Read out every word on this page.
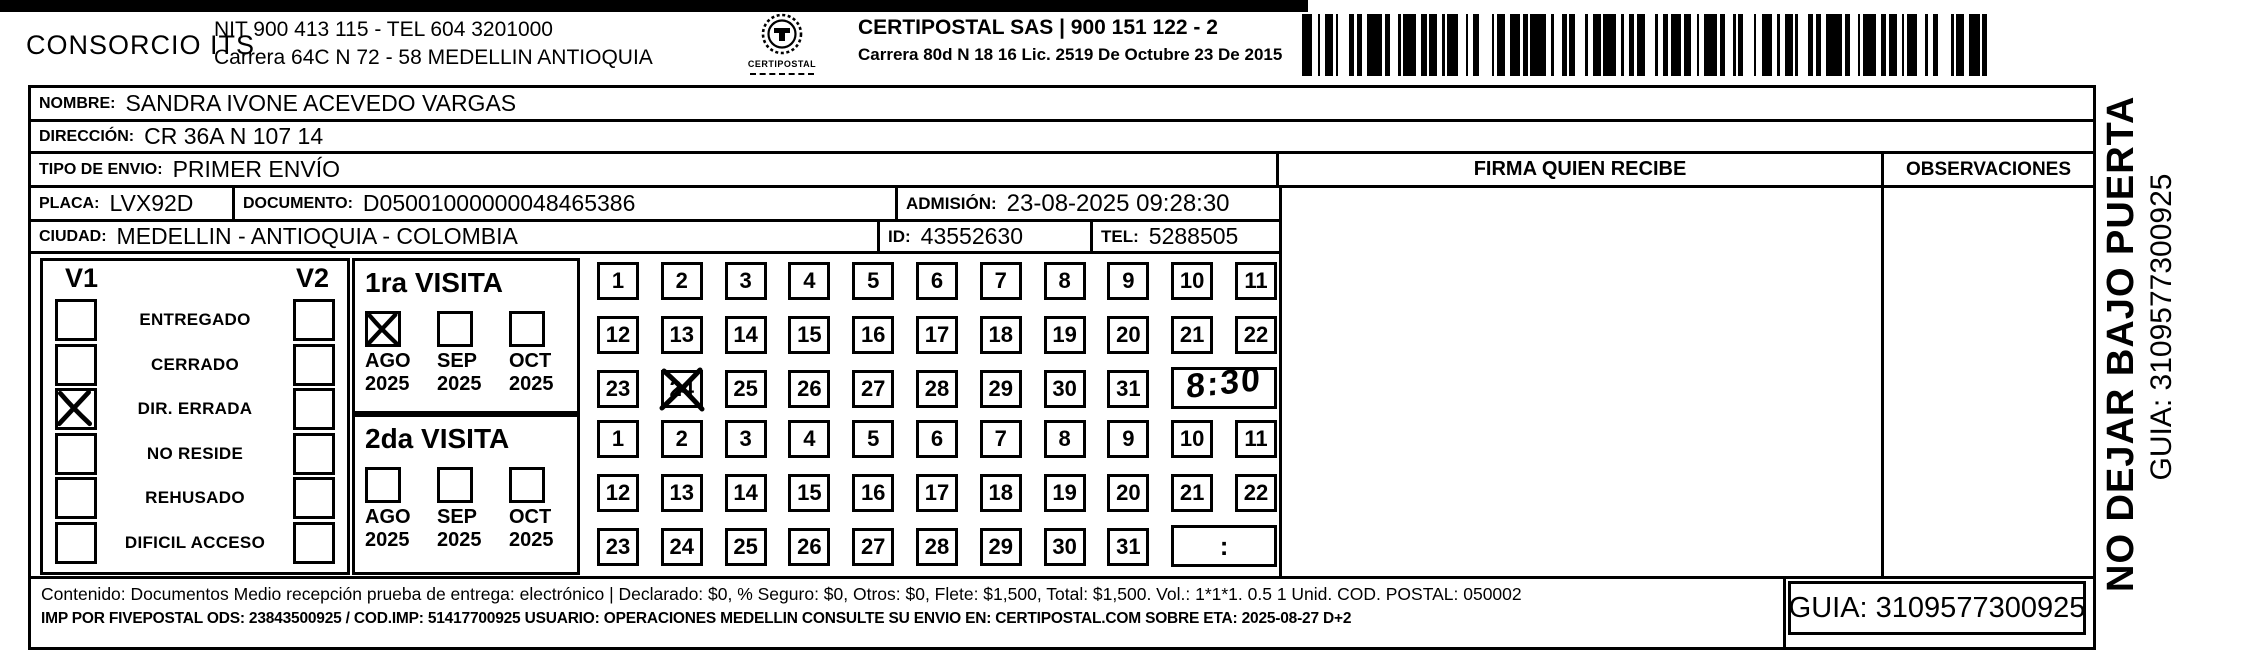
CONSORCIO ITS
NIT 900 413 115 - TEL 604 3201000
Carrera 64C N 72 - 58 MEDELLIN ANTIOQUIA	CERTIPOSTAL
CERTIPOSTAL SAS | 900 151 122 - 2
Carrera 80d N 18 16 Lic. 2519 De Octubre 23 De 2015
NOMBRE: SANDRA IVONE ACEVEDO VARGAS
DIRECCIÓN: CR 36A N 107 14
TIPO DE ENVIO: PRIMER ENVÍO	FIRMA QUIEN RECIBE	OBSERVACIONES
PLACA: LVX92D	DOCUMENTO: D05001000000048465386	ADMISIÓN: 23-08-2025 09:28:30
CIUDAD: MEDELLIN - ANTIOQUIA - COLOMBIA	ID: 43552630	TEL: 5288505
V1	V2
ENTREGADO
CERRADO
DIR. ERRADA
NO RESIDE
REHUSADO
DIFICIL ACCESO
1ra VISITA
AGO
2025
SEP
2025
OCT
2025
2da VISITA
AGO
2025
SEP
2025
OCT
2025
1	2	3	4	5	6	7	8	9	10	11
12	13	14	15	16	17	18	19	20	21	22
23	24	25	26	27	28	29	30	31 8:30
1	2	3	4	5	6	7	8	9	10	11
12	13	14	15	16	17	18	19	20	21	22
23	24	25	26	27	28	29	30	31	:
Contenido: Documentos Medio recepción prueba de entrega: electrónico | Declarado: $0, % Seguro: $0, Otros: $0, Flete: $1,500, Total: $1,500. Vol.: 1*1*1. 0.5 1 Unid. COD. POSTAL: 050002
IMP POR FIVEPOSTAL ODS: 23843500925 / COD.IMP: 51417700925 USUARIO: OPERACIONES MEDELLIN CONSULTE SU ENVIO EN: CERTIPOSTAL.COM SOBRE ETA: 2025-08-27 D+2	GUIA: 3109577300925
NO DEJAR BAJO PUERTA GUIA: 3109577300925
